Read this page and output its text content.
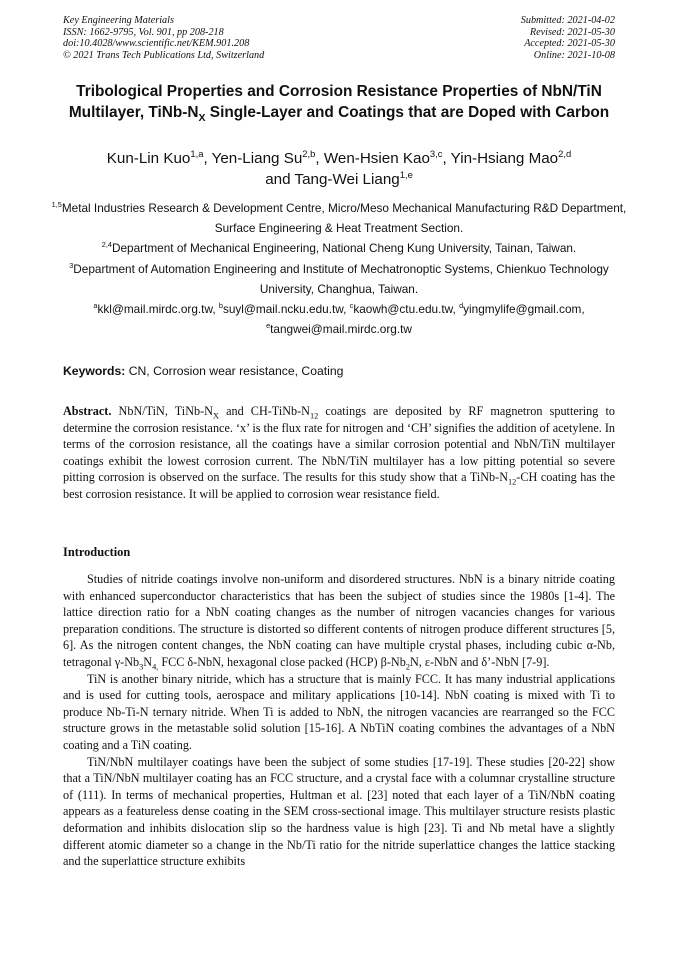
Key Engineering Materials
ISSN: 1662-9795, Vol. 901, pp 208-218
doi:10.4028/www.scientific.net/KEM.901.208
© 2021 Trans Tech Publications Ltd, Switzerland
Submitted: 2021-04-02
Revised: 2021-05-30
Accepted: 2021-05-30
Online: 2021-10-08
Tribological Properties and Corrosion Resistance Properties of NbN/TiN Multilayer, TiNb-$N_X$ Single-Layer and Coatings that are Doped with Carbon
Kun-Lin Kuo$^{1,a}$, Yen-Liang Su$^{2,b}$, Wen-Hsien Kao$^{3,c}$, Yin-Hsiang Mao$^{2,d}$
and Tang-Wei Liang$^{1,e}$
$^{1,5}$Metal Industries Research & Development Centre, Micro/Meso Mechanical Manufacturing R&D Department, Surface Engineering & Heat Treatment Section.
$^{2,4}$Department of Mechanical Engineering, National Cheng Kung University, Tainan, Taiwan.
$^3$Department of Automation Engineering and Institute of Mechatronoptic Systems, Chienkuo Technology University, Changhua, Taiwan.
$^a$kkl@mail.mirdc.org.tw, $^b$suyl@mail.ncku.edu.tw, $^c$kaowh@ctu.edu.tw, $^d$yingmylife@gmail.com,
$^e$tangwei@mail.mirdc.org.tw
Keywords: CN, Corrosion wear resistance, Coating
Abstract. NbN/TiN, TiNb-$N_X$ and $CH-TiNb-N_{12}$ coatings are deposited by RF magnetron sputtering to determine the corrosion resistance. ‘x’ is the flux rate for nitrogen and ‘CH’ signifies the addition of acetylene. In terms of the corrosion resistance, all the coatings have a similar corrosion potential and NbN/TiN multilayer coatings exhibit the lowest corrosion current. The NbN/TiN multilayer has a low pitting potential so severe pitting corrosion is observed on the surface. The results for this study show that a TiNb-$N_{12}-CH$ coating has the best corrosion resistance. It will be applied to corrosion wear resistance field.
Introduction

Studies of nitride coatings involve non-uniform and disordered structures. NbN is a binary nitride coating with enhanced superconductor characteristics that has been the subject of studies since the 1980s [1-4]. The lattice direction ratio for a NbN coating changes as the number of nitrogen vacancies changes for various preparation conditions. The structure is distorted so different contents of nitrogen produce different structures [5, 6]. As the nitrogen content changes, the NbN coating can have multiple crystal phases, including cubic α-Nb, tetragonal $\gamma-Nb_3N_{4,}$ FCC δ-NbN, hexagonal close packed (HCP) $\beta-Nb_2N$, ε-NbN and δ’-NbN [7-9].

TiN is another binary nitride, which has a structure that is mainly FCC. It has many industrial applications and is used for cutting tools, aerospace and military applications [10-14]. NbN coating is mixed with Ti to produce Nb-Ti-N ternary nitride. When Ti is added to NbN, the nitrogen vacancies are rearranged so the FCC structure grows in the metastable solid solution [15-16]. A NbTiN coating combines the advantages of a NbN coating and a TiN coating.

TiN/NbN multilayer coatings have been the subject of some studies [17-19]. These studies [20-22] show that a TiN/NbN multilayer coating has an FCC structure, and a crystal face with a columnar crystalline structure of (111). In terms of mechanical properties, Hultman et al. [23] noted that each layer of a TiN/NbN coating appears as a featureless dense coating in the SEM cross-sectional image. This multilayer structure resists plastic deformation and inhibits dislocation slip so the hardness value is high [23]. Ti and Nb metal have a slightly different atomic diameter so a change in the Nb/Ti ratio for the nitride superlattice changes the lattice stacking and the superlattice structure exhibits
